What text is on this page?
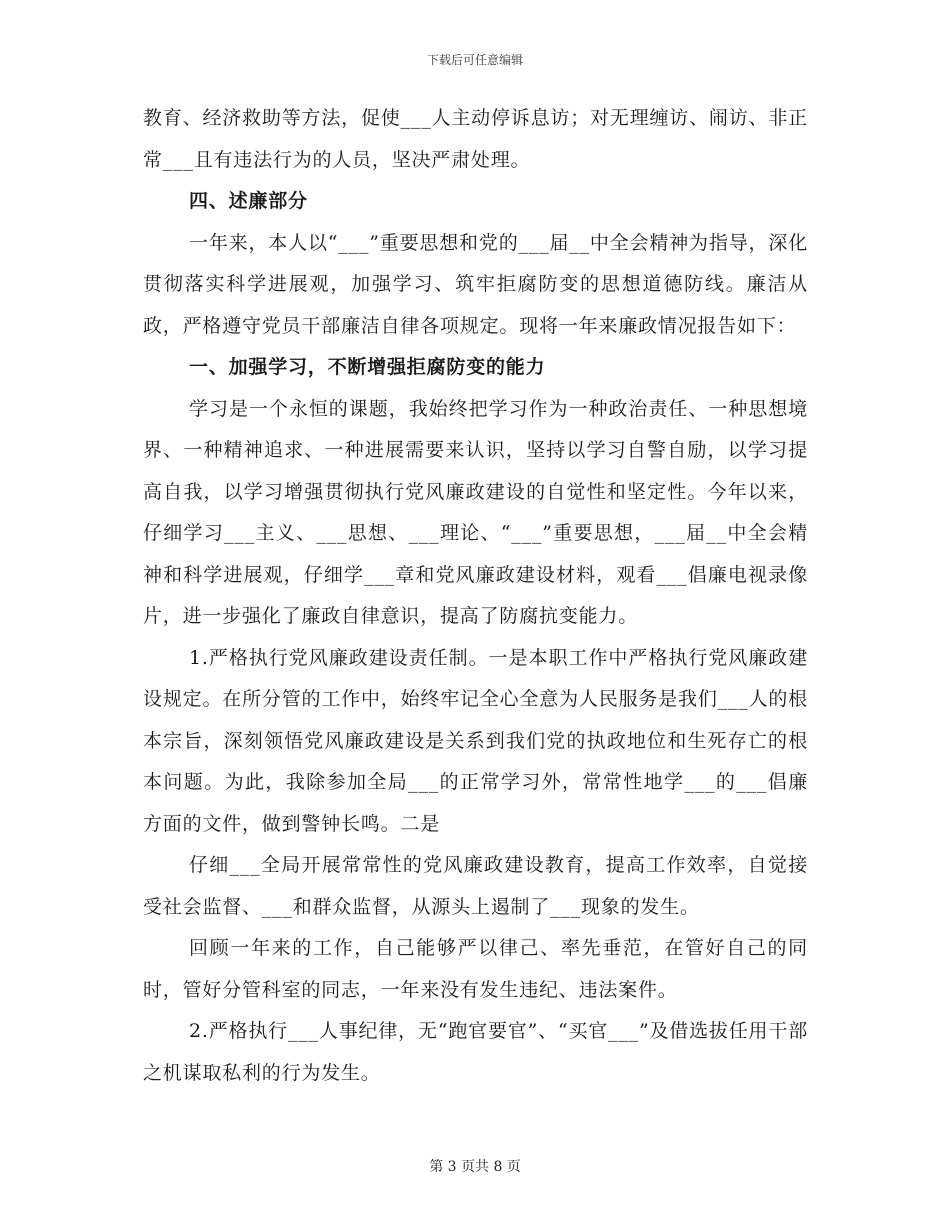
下载后可任意编辑

教育、经济救助等方法，促使___人主动停诉息访；对无理缠访、闹访、非正常___且有违法行为的人员，坚决严肃处理。

四、述廉部分

一年来，本人以“___”重要思想和党的___届__中全会精神为指导，深化贯彻落实科学进展观，加强学习、筑牢拒腐防变的思想道德防线。廉洁从政，严格遵守党员干部廉洁自律各项规定。现将一年来廉政情况报告如下：

一、加强学习，不断增强拒腐防变的能力

学习是一个永恒的课题，我始终把学习作为一种政治责任、一种思想境界、一种精神追求、一种进展需要来认识，坚持以学习自警自励，以学习提高自我，以学习增强贯彻执行党风廉政建设的自觉性和坚定性。今年以来，仔细学习___主义、___思想、___理论、“___”重要思想，___届__中全会精神和科学进展观，仔细学___章和党风廉政建设材料，观看___倡廉电视录像片，进一步强化了廉政自律意识，提高了防腐抗变能力。

1.严格执行党风廉政建设责任制。一是本职工作中严格执行党风廉政建设规定。在所分管的工作中，始终牢记全心全意为人民服务是我们___人的根本宗旨，深刻领悟党风廉政建设是关系到我们党的执政地位和生死存亡的根本问题。为此，我除参加全局___的正常学习外，常常性地学___的___倡廉方面的文件，做到警钟长鸣。二是

仔细___全局开展常常性的党风廉政建设教育，提高工作效率，自觉接受社会监督、___和群众监督，从源头上遏制了___现象的发生。

回顾一年来的工作，自己能够严以律己、率先垂范，在管好自己的同时，管好分管科室的同志，一年来没有发生违纪、违法案件。

2.严格执行___人事纪律，无“跑官要官”、“买官___”及借选拔任用干部之机谋取私利的行为发生。

第 3 页共 8 页
